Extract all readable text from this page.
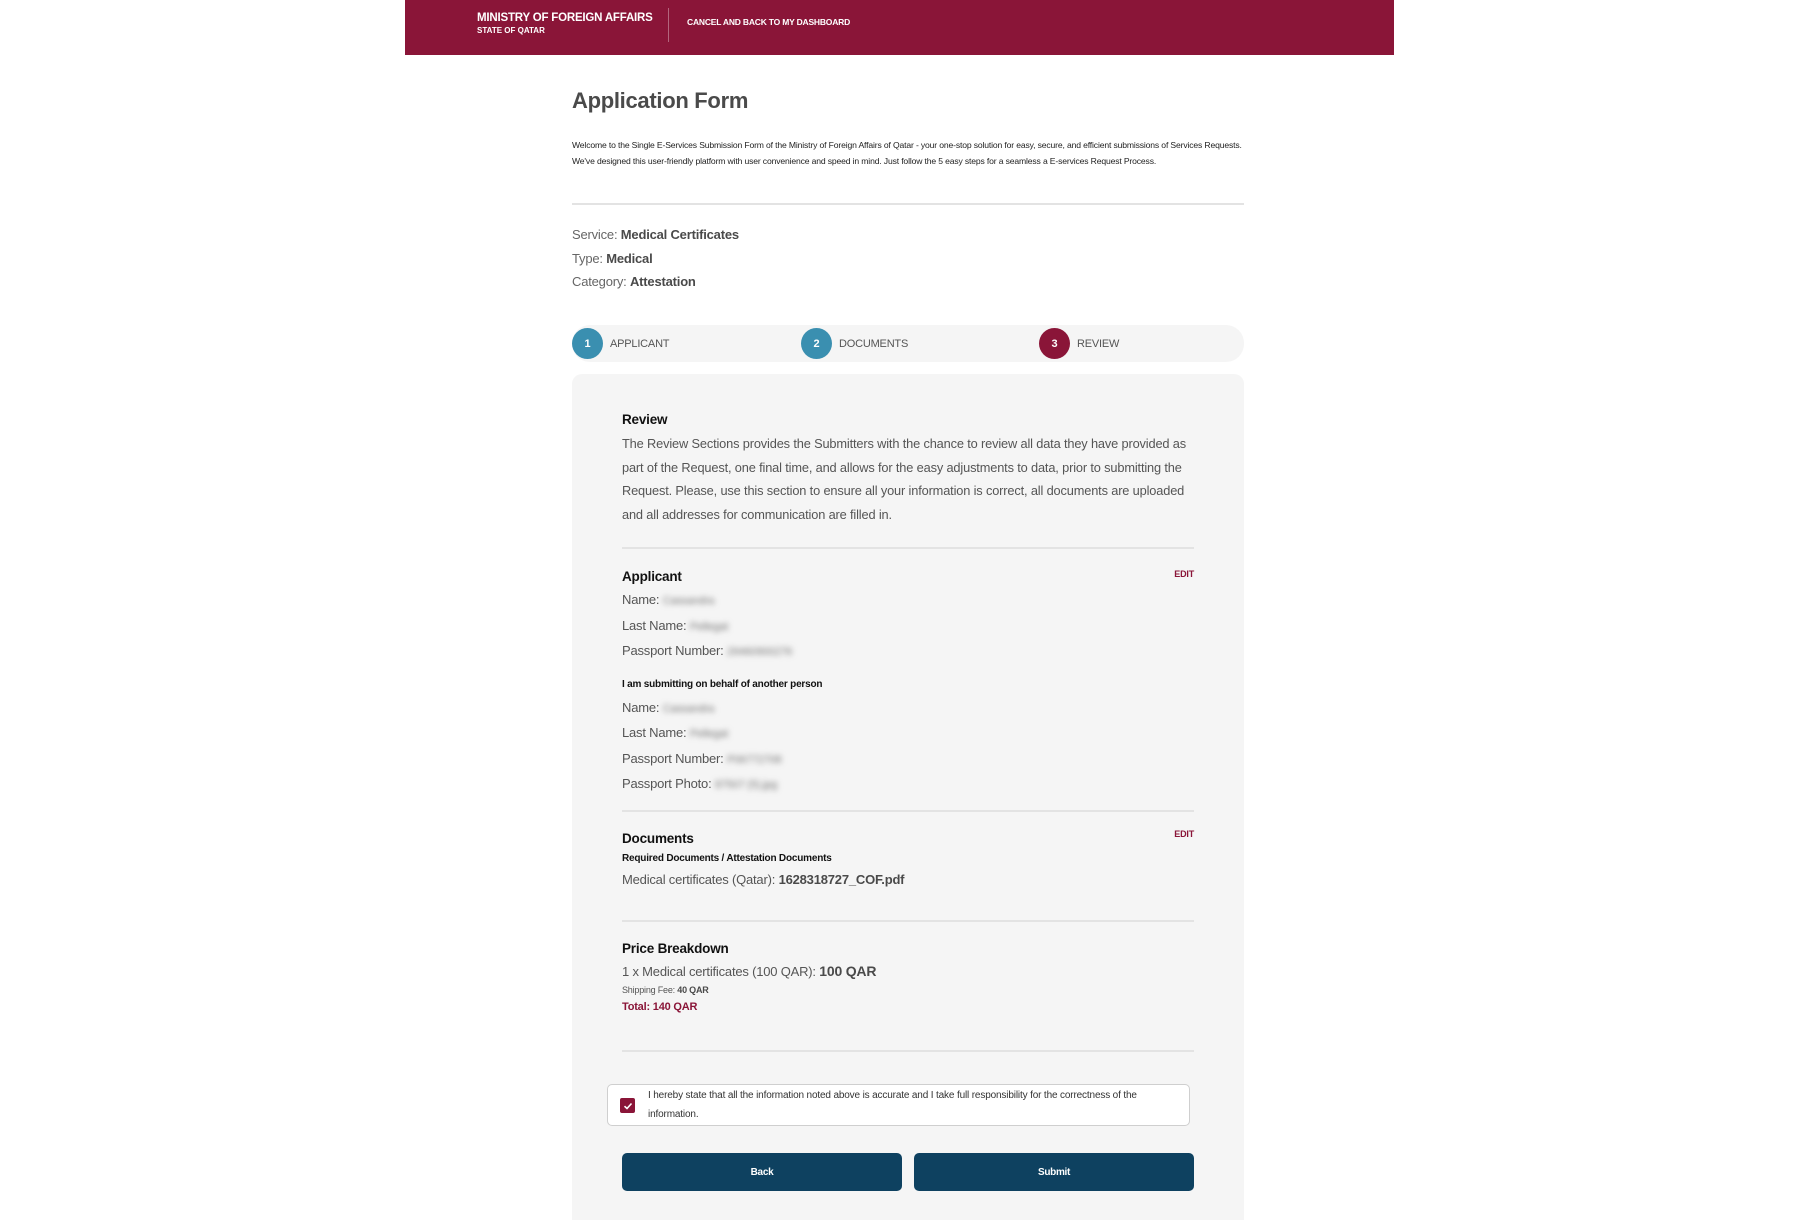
MINISTRY OF FOREIGN AFFAIRS
STATE OF QATAR
CANCEL AND BACK TO MY DASHBOARD
Application Form

Welcome to the Single E-Services Submission Form of the Ministry of Foreign Affairs of Qatar - your one-stop solution for easy, secure, and efficient submissions of Services Requests. We've designed this user-friendly platform with user convenience and speed in mind. Just follow the 5 easy steps for a seamless a E-services Request Process.

Service: Medical Certificates
Type: Medical
Category: Attestation
1	APPLICANT	2	DOCUMENTS	3	REVIEW
Review

The Review Sections provides the Submitters with the chance to review all data they have provided as part of the Request, one final time, and allows for the easy adjustments to data, prior to submitting the Request. Please, use this section to ensure all your information is correct, all documents are uploaded and all addresses for communication are filled in.

Applicant	EDIT
Name: Cassandra
Last Name: Pellegat
Passport Number: 29460900276
I am submitting on behalf of another person
Name: Cassandra
Last Name: Pellegat
Passport Number: P06772708
Passport Photo: 87507 (5).jpg
Documents	EDIT
Required Documents / Attestation Documents
Medical certificates (Qatar): 1628318727_COF.pdf
Price Breakdown
1 x Medical certificates (100 QAR): 100 QAR
Shipping Fee: 40 QAR
Total: 140 QAR
I hereby state that all the information noted above is accurate and I take full responsibility for the correctness of the information.
Back	Submit
